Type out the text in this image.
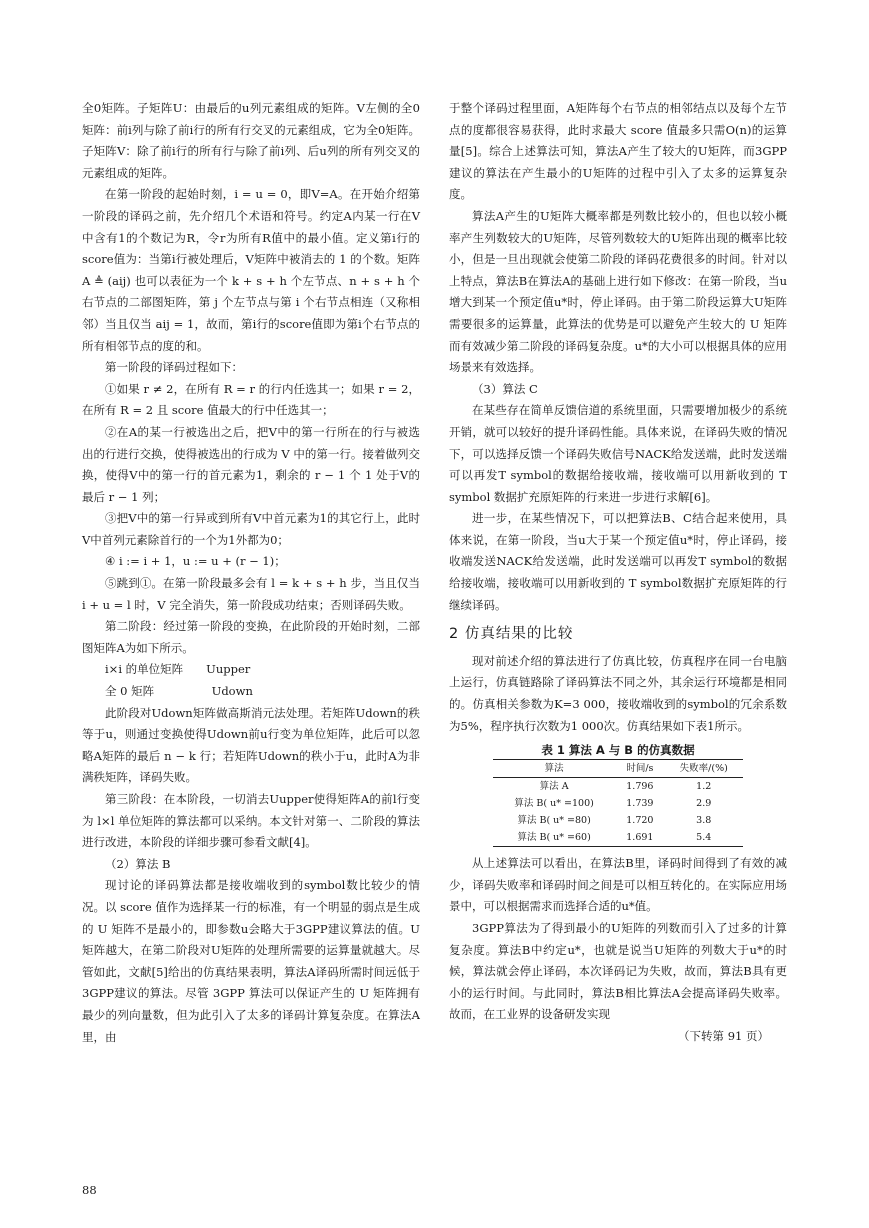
全0矩阵。子矩阵U：由最后的u列元素组成的矩阵。V左侧的全0矩阵：前i列与除了前i行的所有行交叉的元素组成，它为全0矩阵。子矩阵V：除了前i行的所有行与除了前i列、后u列的所有列交叉的元素组成的矩阵。

在第一阶段的起始时刻，i = u = 0，即V=A。在开始介绍第一阶段的译码之前，先介绍几个术语和符号。约定A内某一行在V中含有1的个数记为R，令r为所有R值中的最小值。定义第i行的score值为：当第i行被处理后，V矩阵中被消去的 1 的个数。矩阵 A ≜ (aij) 也可以表征为一个 k + s + h 个左节点、n + s + h 个右节点的二部图矩阵，第 j 个左节点与第 i 个右节点相连（又称相邻）当且仅当 aij = 1，故而，第i行的score值即为第i个右节点的所有相邻节点的度的和。

第一阶段的译码过程如下：

①如果 r ≠ 2，在所有 R = r 的行内任选其一；如果 r = 2，在所有 R = 2 且 score 值最大的行中任选其一；

②在A的某一行被选出之后，把V中的第一行所在的行与被选出的行进行交换，使得被选出的行成为 V 中的第一行。接着做列交换，使得V中的第一行的首元素为1，剩余的 r − 1 个 1 处于V的最后 r − 1 列；

③把V中的第一行异或到所有V中首元素为1的其它行上，此时V中首列元素除首行的一个为1外都为0；

④ i := i + 1，u := u + (r − 1)；

⑤跳到①。在第一阶段最多会有 l = k + s + h 步，当且仅当 i + u = l 时，V 完全消失，第一阶段成功结束；否则译码失败。

第二阶段：经过第一阶段的变换，在此阶段的开始时刻，二部图矩阵A为如下所示。

i×i 的单位矩阵　　Uupper

全 0 矩阵　　　　　Udown

此阶段对Udown矩阵做高斯消元法处理。若矩阵Udown的秩等于u，则通过变换使得Udown前u行变为单位矩阵，此后可以忽略A矩阵的最后 n − k 行；若矩阵Udown的秩小于u，此时A为非满秩矩阵，译码失败。

第三阶段：在本阶段，一切消去Uupper使得矩阵A的前l行变为 l×l 单位矩阵的算法都可以采纳。本文针对第一、二阶段的算法进行改进，本阶段的详细步骤可参看文献[4]。

（2）算法 B

现讨论的译码算法都是接收端收到的symbol数比较少的情况。以 score 值作为选择某一行的标准，有一个明显的弱点是生成的 U 矩阵不是最小的，即参数u会略大于3GPP建议算法的值。U矩阵越大，在第二阶段对U矩阵的处理所需要的运算量就越大。尽管如此，文献[5]给出的仿真结果表明，算法A译码所需时间远低于3GPP建议的算法。尽管 3GPP 算法可以保证产生的 U 矩阵拥有最少的列向量数，但为此引入了太多的译码计算复杂度。在算法A里，由

于整个译码过程里面，A矩阵每个右节点的相邻结点以及每个左节点的度都很容易获得，此时求最大 score 值最多只需O(n)的运算量[5]。综合上述算法可知，算法A产生了较大的U矩阵，而3GPP建议的算法在产生最小的U矩阵的过程中引入了太多的运算复杂度。

算法A产生的U矩阵大概率都是列数比较小的，但也以较小概率产生列数较大的U矩阵，尽管列数较大的U矩阵出现的概率比较小，但是一旦出现就会使第二阶段的译码花费很多的时间。针对以上特点，算法B在算法A的基础上进行如下修改：在第一阶段，当u增大到某一个预定值u*时，停止译码。由于第二阶段运算大U矩阵需要很多的运算量，此算法的优势是可以避免产生较大的 U 矩阵而有效减少第二阶段的译码复杂度。u*的大小可以根据具体的应用场景来有效选择。

（3）算法 C

在某些存在简单反馈信道的系统里面，只需要增加极少的系统开销，就可以较好的提升译码性能。具体来说，在译码失败的情况下，可以选择反馈一个译码失败信号NACK给发送端，此时发送端可以再发T symbol的数据给接收端，接收端可以用新收到的 T symbol 数据扩充原矩阵的行来进一步进行求解[6]。

进一步，在某些情况下，可以把算法B、C结合起来使用，具体来说，在第一阶段，当u大于某一个预定值u*时，停止译码，接收端发送NACK给发送端，此时发送端可以再发T symbol的数据给接收端，接收端可以用新收到的 T symbol数据扩充原矩阵的行继续译码。

2 仿真结果的比较

现对前述介绍的算法进行了仿真比较，仿真程序在同一台电脑上运行，仿真链路除了译码算法不同之外，其余运行环境都是相同的。仿真相关参数为K=3 000，接收端收到的symbol的冗余系数为5%，程序执行次数为1 000次。仿真结果如下表1所示。

表 1 算法 A 与 B 的仿真数据

算法	时间/s	失败率/(%)
算法 A	1.796	1.2
算法 B( u* =100)	1.739	2.9
算法 B( u* =80)	1.720	3.8
算法 B( u* =60)	1.691	5.4

从上述算法可以看出，在算法B里，译码时间得到了有效的减少，译码失败率和译码时间之间是可以相互转化的。在实际应用场景中，可以根据需求而选择合适的u*值。

3GPP算法为了得到最小的U矩阵的列数而引入了过多的计算复杂度。算法B中约定u*，也就是说当U矩阵的列数大于u*的时候，算法就会停止译码，本次译码记为失败，故而，算法B具有更小的运行时间。与此同时，算法B相比算法A会提高译码失败率。故而，在工业界的设备研发实现

（下转第 91 页）

88
